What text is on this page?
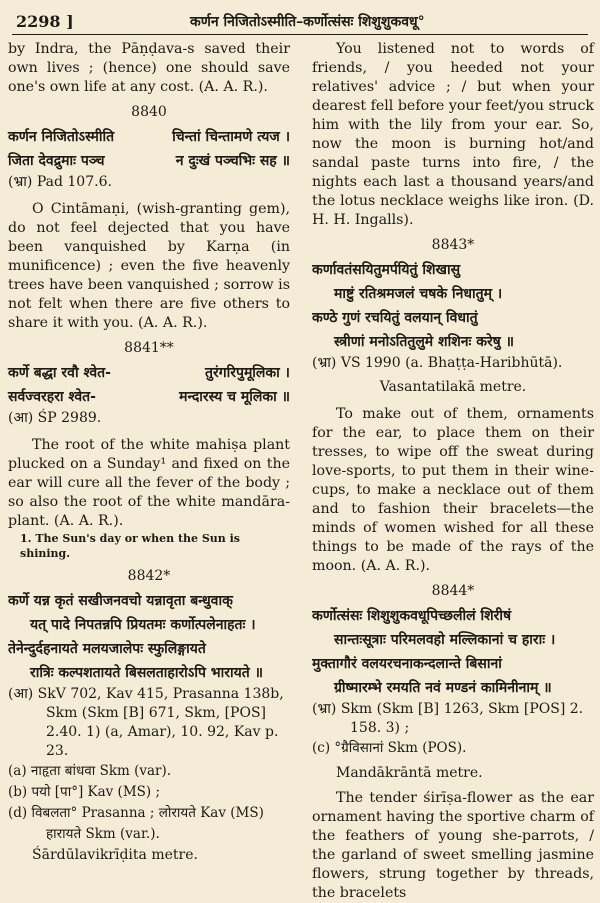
2298 ]	कर्णन निजितोऽस्मीति–कर्णोत्संसः शिशुशुकवधू°

by Indra, the Pāṇḍava-s saved their own lives ; (hence) one should save one's own life at any cost. (A. A. R.).

8840
कर्णन निजितोऽस्मीति	चिन्तां चिन्तामणे त्यज ।
जिता देवद्रुमाः पञ्च	न दुःखं पञ्चभिः सह ॥
(भ्रा) Pad 107.6.

O Cintāmaṇi, (wish-granting gem), do not feel dejected that you have been vanquished by Karṇa (in munificence) ; even the five heavenly trees have been vanquished ; sorrow is not felt when there are five others to share it with you. (A. A. R.).

8841**
कर्णे बद्धा रवौ श्वेत-	तुरंगरिपुमूलिका ।
सर्वज्वरहरा श्वेत-	मन्दारस्य च मूलिका ॥
(आ) ŚP 2989.

The root of the white mahiṣa plant plucked on a Sunday¹ and fixed on the ear will cure all the fever of the body ; so also the root of the white mandāra-plant. (A. A. R.).

1. The Sun's day or when the Sun is shining.
8842*
कर्णे यन्न कृतं सखीजनवचो यन्नावृता बन्धुवाक्
यत् पादे निपतन्नपि प्रियतमः कर्णोत्पलेनाहतः ।
तेनेन्दुर्दहनायते मलयजालेपः स्फुलिङ्गायते
रात्रिः कल्पशतायते बिसलताहारोऽपि भारायते ॥
(आ) SkV 702, Kav 415, Prasanna 138b, Skm (Skm [B] 671, Skm, [POS] 2.40. 1) (a, Amar), 10. 92, Kav p. 23.
(a) नाहृता बांधवा Skm (var).
(b) पयो [पा°] Kav (MS) ;
(d) विबलता° Prasanna ; लोरायते Kav (MS) हारायते Skm (var.).
Śārdūlavikrīḍita metre.

You listened not to words of friends, / you heeded not your relatives' advice ; / but when your dearest fell before your feet/you struck him with the lily from your ear. So, now the moon is burning hot/and sandal paste turns into fire, / the nights each last a thousand years/and the lotus necklace weighs like iron. (D. H. H. Ingalls).

8843*
कर्णावतंसयितुमर्पयितुं शिखासु
माष्टुं रतिश्रमजलं चषके निधातुम् ।
कण्ठे गुणं रचयितुं वलयान् विधातुं
स्त्रीणां मनोऽतितुलुमे शशिनः करेषु ॥
(भ्रा) VS 1990 (a. Bhaṭṭa-Haribhūtā).
Vasantatilakā metre.

To make out of them, ornaments for the ear, to place them on their tresses, to wipe off the sweat during love-sports, to put them in their wine-cups, to make a necklace out of them and to fashion their bracelets—the minds of women wished for all these things to be made of the rays of the moon. (A. A. R.).

8844*
कर्णोत्संसः शिशुशुकवधूपिच्छलीलं शिरीषं
सान्तःसूत्राः परिमलवहो मल्लिकानां च हाराः ।
मुक्तागौरं वलयरचनाकन्दलान्ते बिसानां
ग्रीष्मारम्भे रमयति नवं मण्डनं कामिनीनाम् ॥
(भ्रा) Skm (Skm [B] 1263, Skm [POS] 2. 158. 3) ;
(c) °ग्रैविसानां Skm (POS).
Mandākrāntā metre.

The tender śirīṣa-flower as the ear ornament having the sportive charm of the feathers of young she-parrots, / the garland of sweet smelling jasmine flowers, strung together by threads, the bracelets
